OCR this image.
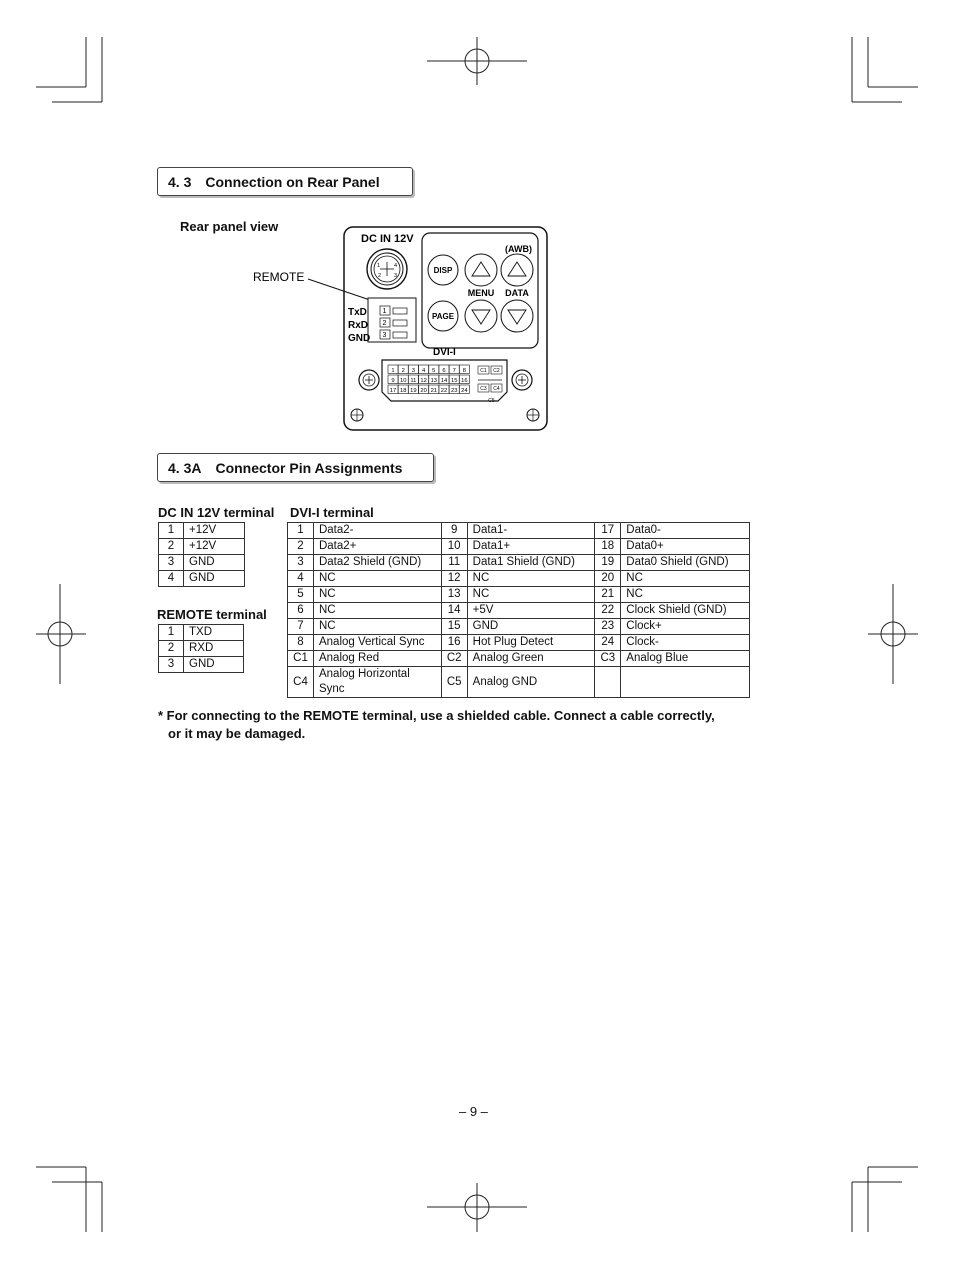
4. 3 Connection on Rear Panel
Rear panel view
REMOTE
DC IN 12V
1	4
2 3
(AWB)
DISP
MENU DATA
PAGE
1
2
3
TxD
RxD
GND
DVI-I
1 2 3 4 5 6 7 8
9 10 11 12 13 14 15 16
17 18 19 20 21 22 23 24
C1 C2
C3 C4
C5
4. 3A Connector Pin Assignments
DC IN 12V terminal
1	+12V
2	+12V
3	GND
4	GND
REMOTE terminal
1	TXD
2	RXD
3	GND
DVI-I terminal
1	Data2-	9	Data1-	17	Data0-
2	Data2+	10	Data1+	18	Data0+
3	Data2 Shield (GND)	11	Data1 Shield (GND)	19	Data0 Shield (GND)
4	NC	12	NC	20	NC
5	NC	13	NC	21	NC
6	NC	14	+5V	22	Clock Shield (GND)
7	NC	15	GND	23	Clock+
8	Analog Vertical Sync	16	Hot Plug Detect	24	Clock-
C1	Analog Red	C2	Analog Green	C3	Analog Blue
C4	Analog Horizontal Sync	C5	Analog GND		
* For connecting to the REMOTE terminal, use a shielded cable. Connect a cable correctly,
or it may be damaged.
– 9 –
